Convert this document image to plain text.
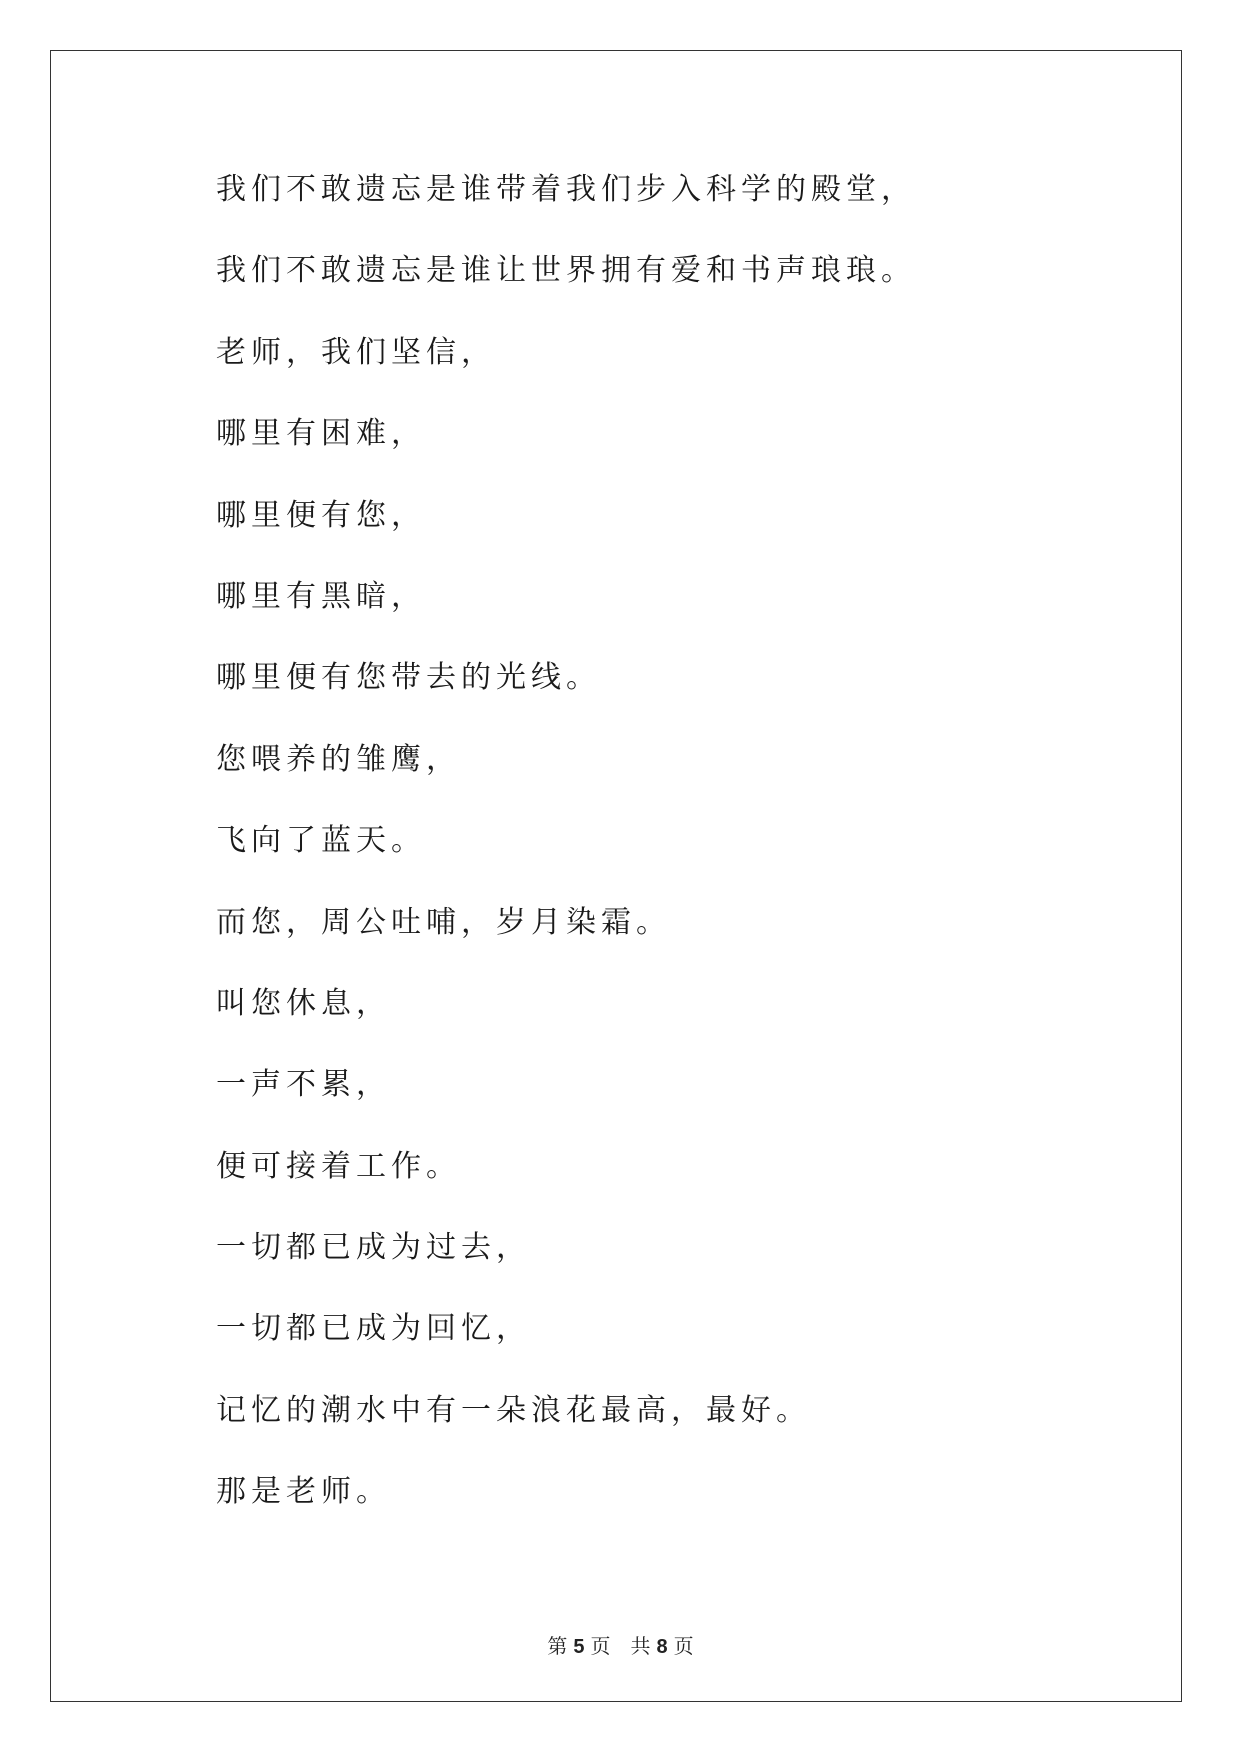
我们不敢遗忘是谁带着我们步入科学的殿堂，
我们不敢遗忘是谁让世界拥有爱和书声琅琅。
老师，我们坚信，
哪里有困难，
哪里便有您，
哪里有黑暗，
哪里便有您带去的光线。
您喂养的雏鹰，
飞向了蓝天。
而您，周公吐哺，岁月染霜。
叫您休息，
一声不累，
便可接着工作。
一切都已成为过去，
一切都已成为回忆，
记忆的潮水中有一朵浪花最高，最好。
那是老师。
第 5 页 共 8 页
